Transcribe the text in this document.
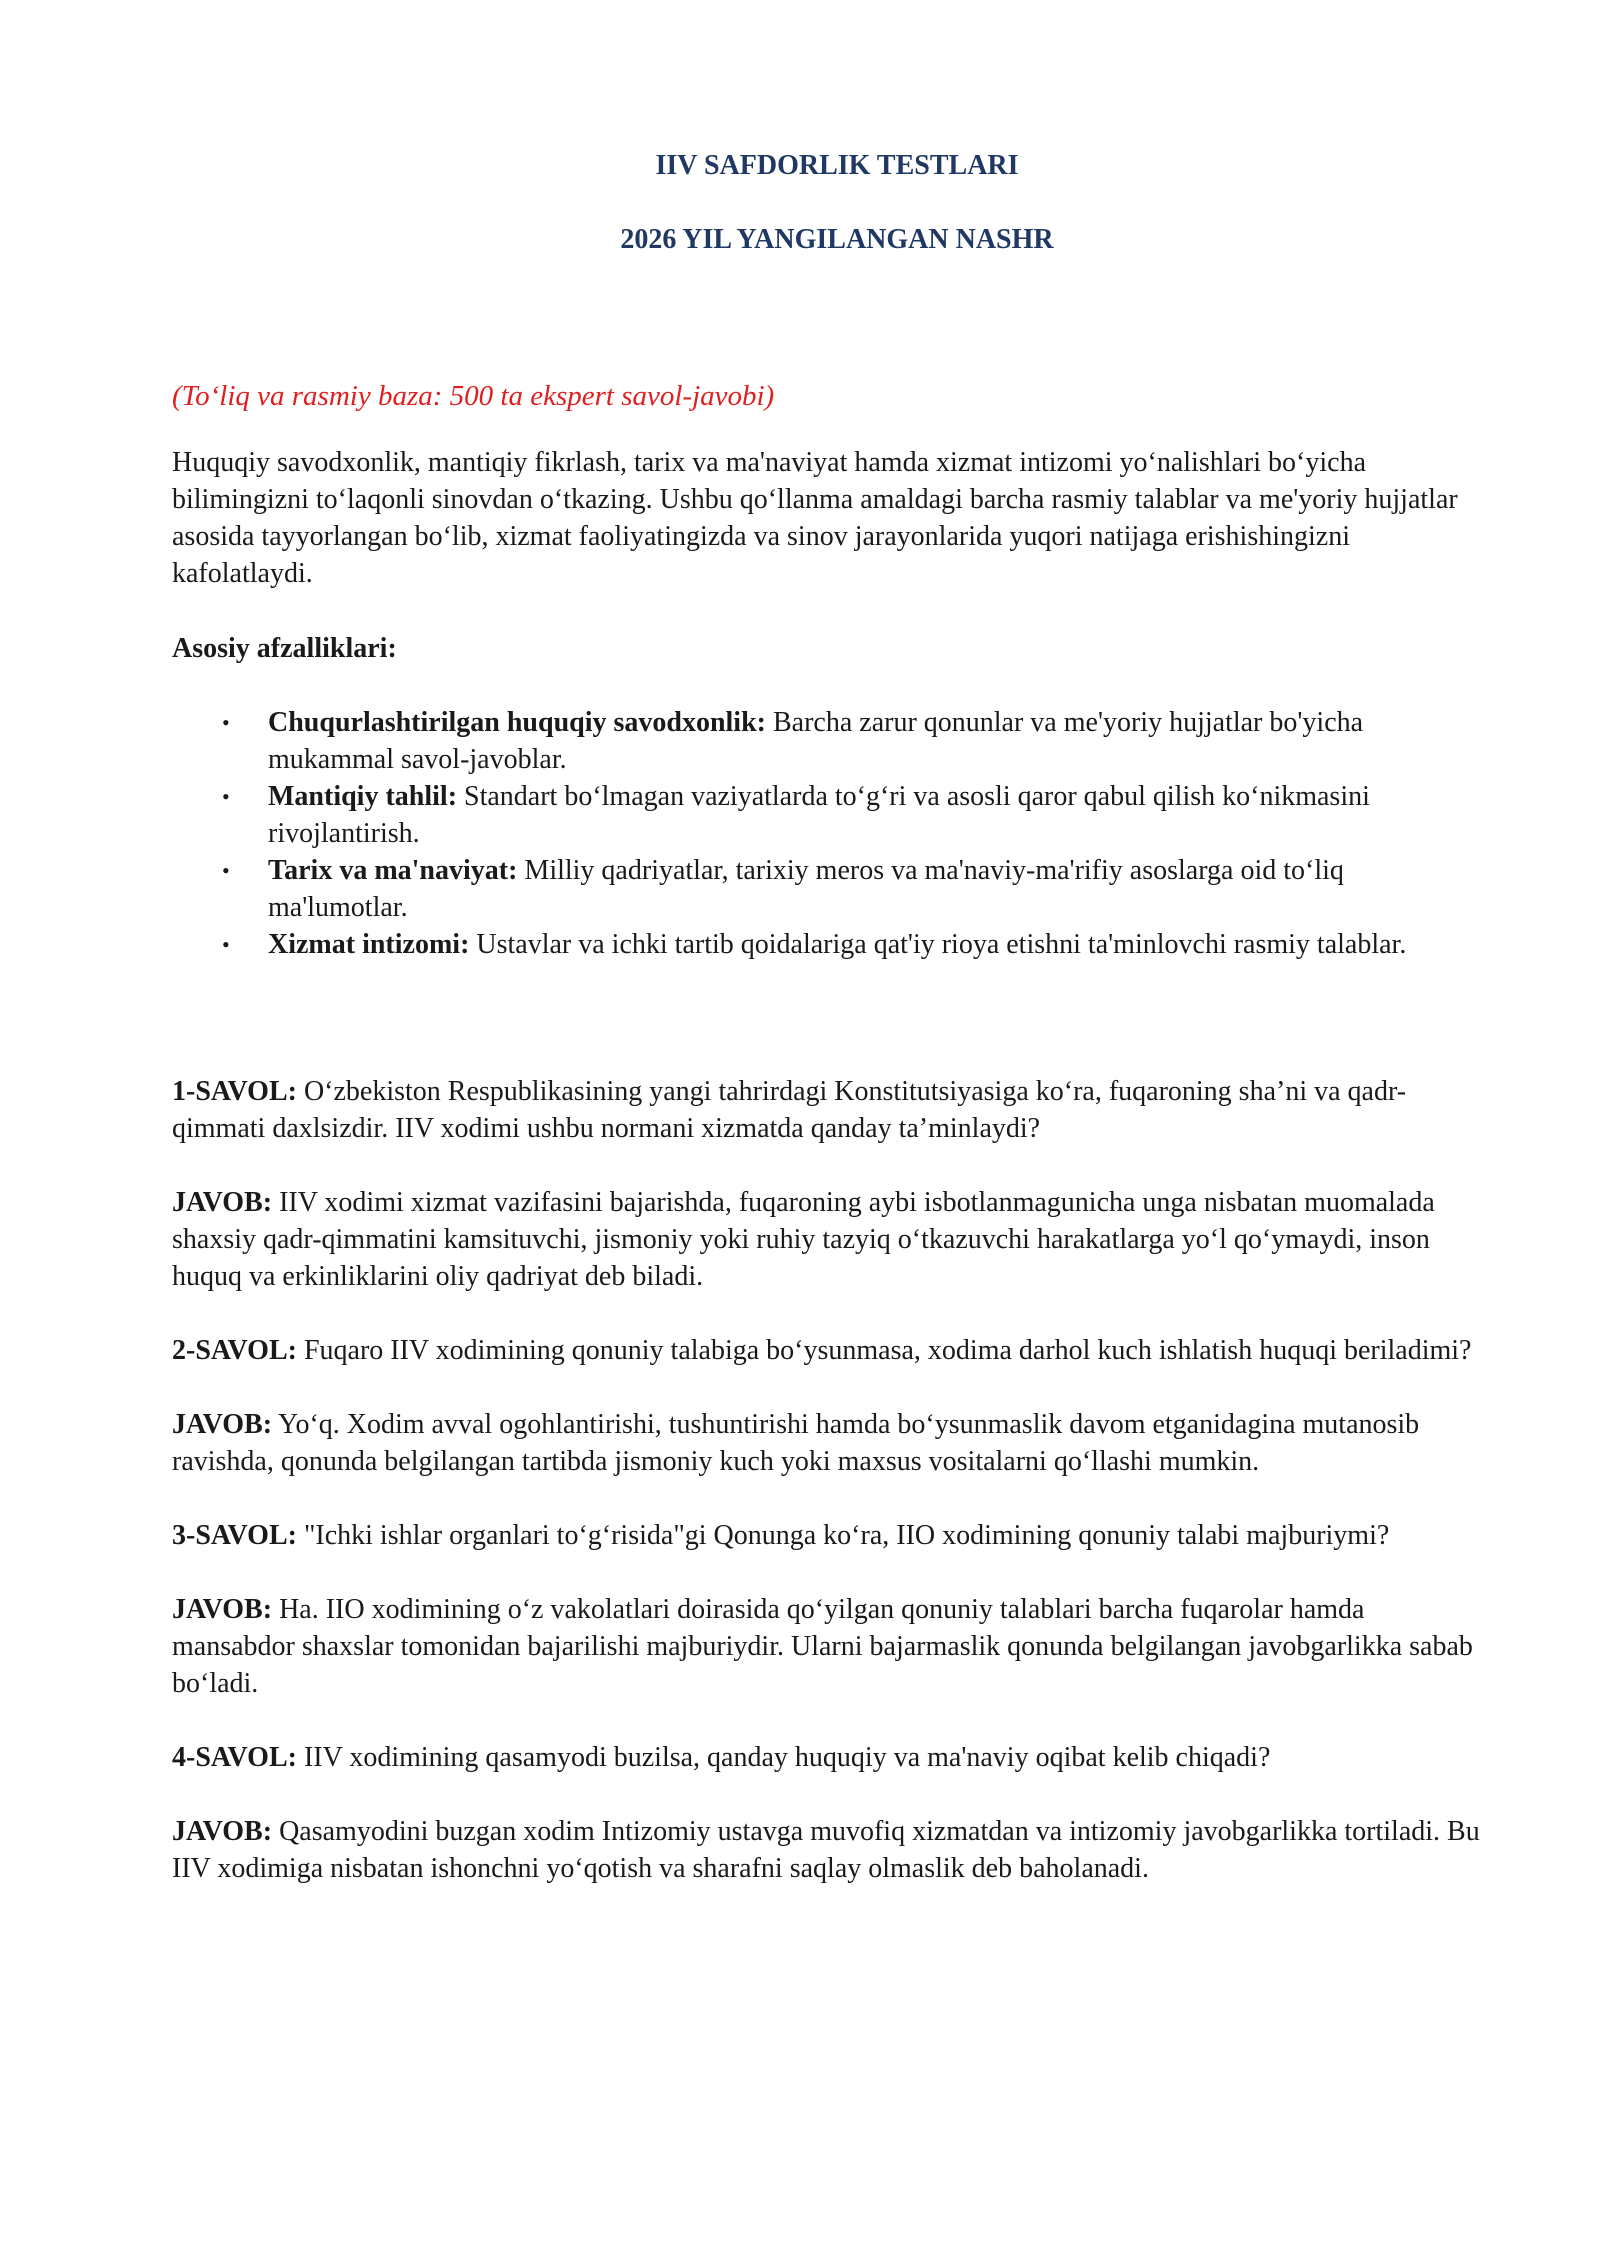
IIV SAFDORLIK TESTLARI
2026 YIL YANGILANGAN NASHR

(To‘liq va rasmiy baza: 500 ta ekspert savol-javobi)

Huquqiy savodxonlik, mantiqiy fikrlash, tarix va ma'naviyat hamda xizmat intizomi yo‘nalishlari bo‘yicha bilimingizni to‘laqonli sinovdan o‘tkazing. Ushbu qo‘llanma amaldagi barcha rasmiy talablar va me'yoriy hujjatlar asosida tayyorlangan bo‘lib, xizmat faoliyatingizda va sinov jarayonlarida yuqori natijaga erishishingizni kafolatlaydi.

Asosiy afzalliklari:

• Chuqurlashtirilgan huquqiy savodxonlik: Barcha zarur qonunlar va me'yoriy hujjatlar bo'yicha mukammal savol-javoblar.
• Mantiqiy tahlil: Standart bo‘lmagan vaziyatlarda to‘g‘ri va asosli qaror qabul qilish ko‘nikmasini rivojlantirish.
• Tarix va ma'naviyat: Milliy qadriyatlar, tarixiy meros va ma'naviy-ma'rifiy asoslarga oid to‘liq ma'lumotlar.
• Xizmat intizomi: Ustavlar va ichki tartib qoidalariga qat'iy rioya etishni ta'minlovchi rasmiy talablar.

1-SAVOL: O‘zbekiston Respublikasining yangi tahrirdagi Konstitutsiyasiga ko‘ra, fuqaroning sha’ni va qadr-qimmati daxlsizdir. IIV xodimi ushbu normani xizmatda qanday ta’minlaydi?

JAVOB: IIV xodimi xizmat vazifasini bajarishda, fuqaroning aybi isbotlanmagunicha unga nisbatan muomalada shaxsiy qadr-qimmatini kamsituvchi, jismoniy yoki ruhiy tazyiq o‘tkazuvchi harakatlarga yo‘l qo‘ymaydi, inson huquq va erkinliklarini oliy qadriyat deb biladi.

2-SAVOL: Fuqaro IIV xodimining qonuniy talabiga bo‘ysunmasa, xodima darhol kuch ishlatish huquqi beriladimi?

JAVOB: Yo‘q. Xodim avval ogohlantirishi, tushuntirishi hamda bo‘ysunmaslik davom etganidagina mutanosib ravishda, qonunda belgilangan tartibda jismoniy kuch yoki maxsus vositalarni qo‘llashi mumkin.

3-SAVOL: "Ichki ishlar organlari to‘g‘risida"gi Qonunga ko‘ra, IIO xodimining qonuniy talabi majburiymi?

JAVOB: Ha. IIO xodimining o‘z vakolatlari doirasida qo‘yilgan qonuniy talablari barcha fuqarolar hamda mansabdor shaxslar tomonidan bajarilishi majburiydir. Ularni bajarmaslik qonunda belgilangan javobgarlikka sabab bo‘ladi.

4-SAVOL: IIV xodimining qasamyodi buzilsa, qanday huquqiy va ma'naviy oqibat kelib chiqadi?

JAVOB: Qasamyodini buzgan xodim Intizomiy ustavga muvofiq xizmatdan va intizomiy javobgarlikka tortiladi. Bu IIV xodimiga nisbatan ishonchni yo‘qotish va sharafni saqlay olmaslik deb baholanadi.
